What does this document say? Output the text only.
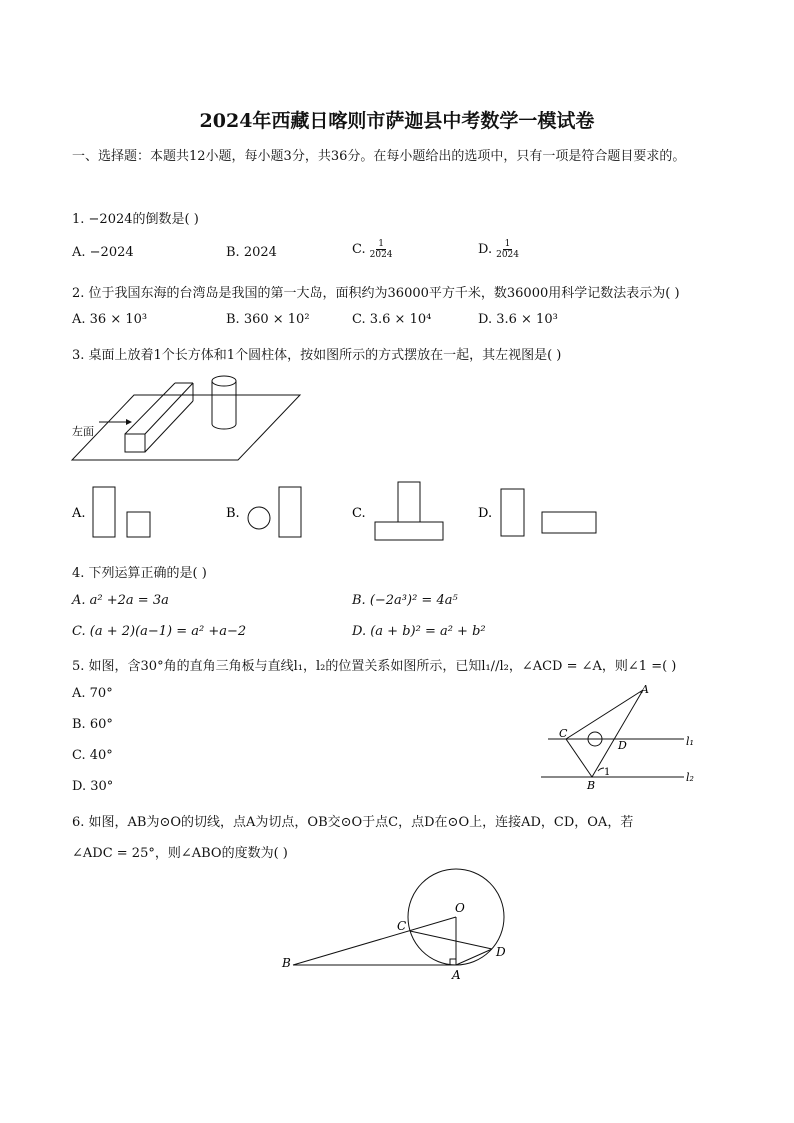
2024年西藏日喀则市萨迦县中考数学一模试卷
一、选择题：本题共12小题，每小题3分，共36分。在每小题给出的选项中，只有一项是符合题目要求的。
1. −2024的倒数是( )
A. −2024	B. 2024	C. $\frac{1}{2024}$	D. $\frac{1}{2024}$
2. 位于我国东海的台湾岛是我国的第一大岛，面积约为36000平方千米，数36000用科学记数法表示为( )
A. 36 × 10³	B. 360 × 10²	C. 3.6 × 10⁴	D. 3.6 × 10³
3. 桌面上放着1个长方体和1个圆柱体，按如图所示的方式摆放在一起，其左视图是( )
左面
A.	B.	C.	D.
4. 下列运算正确的是( )
A. a² +2a = 3a	B. (−2a³)² = 4a⁵
C. (a + 2)(a−1) = a² +a−2	D. (a + b)² = a² + b²
5. 如图，含30°角的直角三角板与直线l₁，l₂的位置关系如图所示，已知l₁//l₂，∠ACD = ∠A，则∠1 =( )
A. 70°
B. 60°
C. 40°
D. 30°
A
C
D
1
B
l₁
l₂
6. 如图，AB为⊙O的切线，点A为切点，OB交⊙O于点C，点D在⊙O上，连接AD，CD，OA，若
∠ADC = 25°，则∠ABO的度数为( )
O
C
D
B
A
